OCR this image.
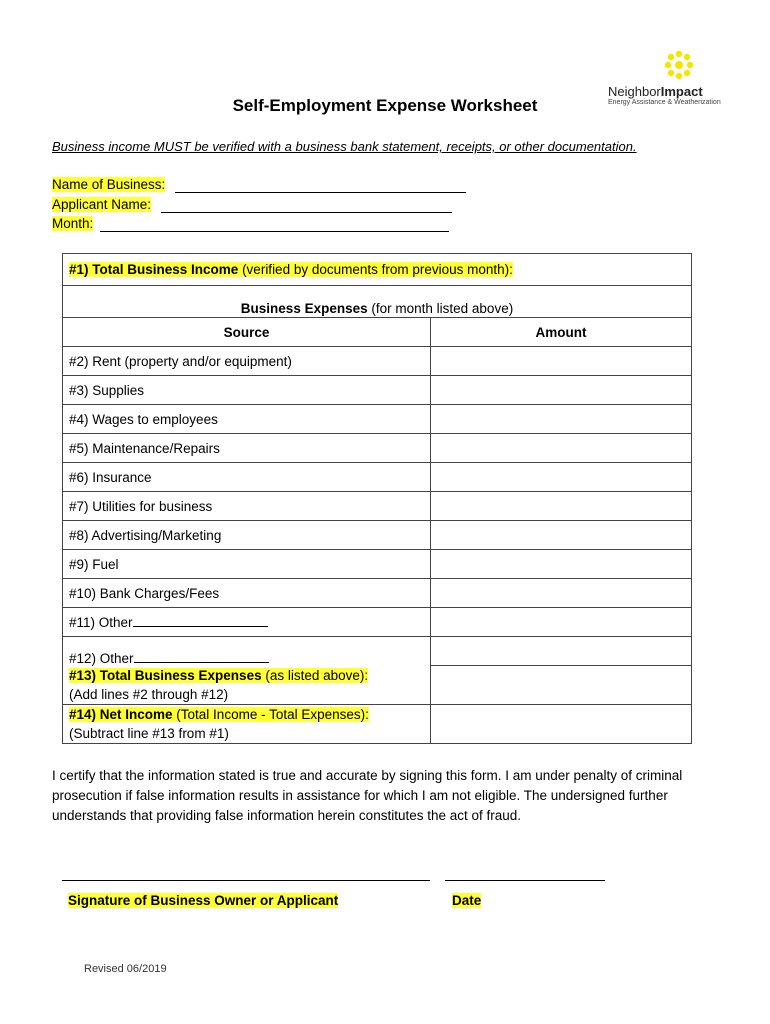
NeighborImpact
Energy Assistance & Weatherization
Self-Employment Expense Worksheet
Business income MUST be verified with a business bank statement, receipts, or other documentation.
Name of Business:
Applicant Name:
Month:
#1) Total Business Income (verified by documents from previous month):	
Business Expenses (for month listed above)	
Source	Amount
#2) Rent (property and/or equipment)	
#3) Supplies	
#4) Wages to employees	
#5) Maintenance/Repairs	
#6) Insurance	
#7) Utilities for business	
#8) Advertising/Marketing	
#9) Fuel	
#10) Bank Charges/Fees	
#11) Other	
#12) Other	
#13) Total Business Expenses (as listed above):
(Add lines #2 through #12)	
#14) Net Income (Total Income - Total Expenses):
(Subtract line #13 from #1)	
I certify that the information stated is true and accurate by signing this form. I am under penalty of criminal prosecution if false information results in assistance for which I am not eligible. The undersigned further understands that providing false information herein constitutes the act of fraud.
Signature of Business Owner or Applicant	Date
Revised 06/2019
